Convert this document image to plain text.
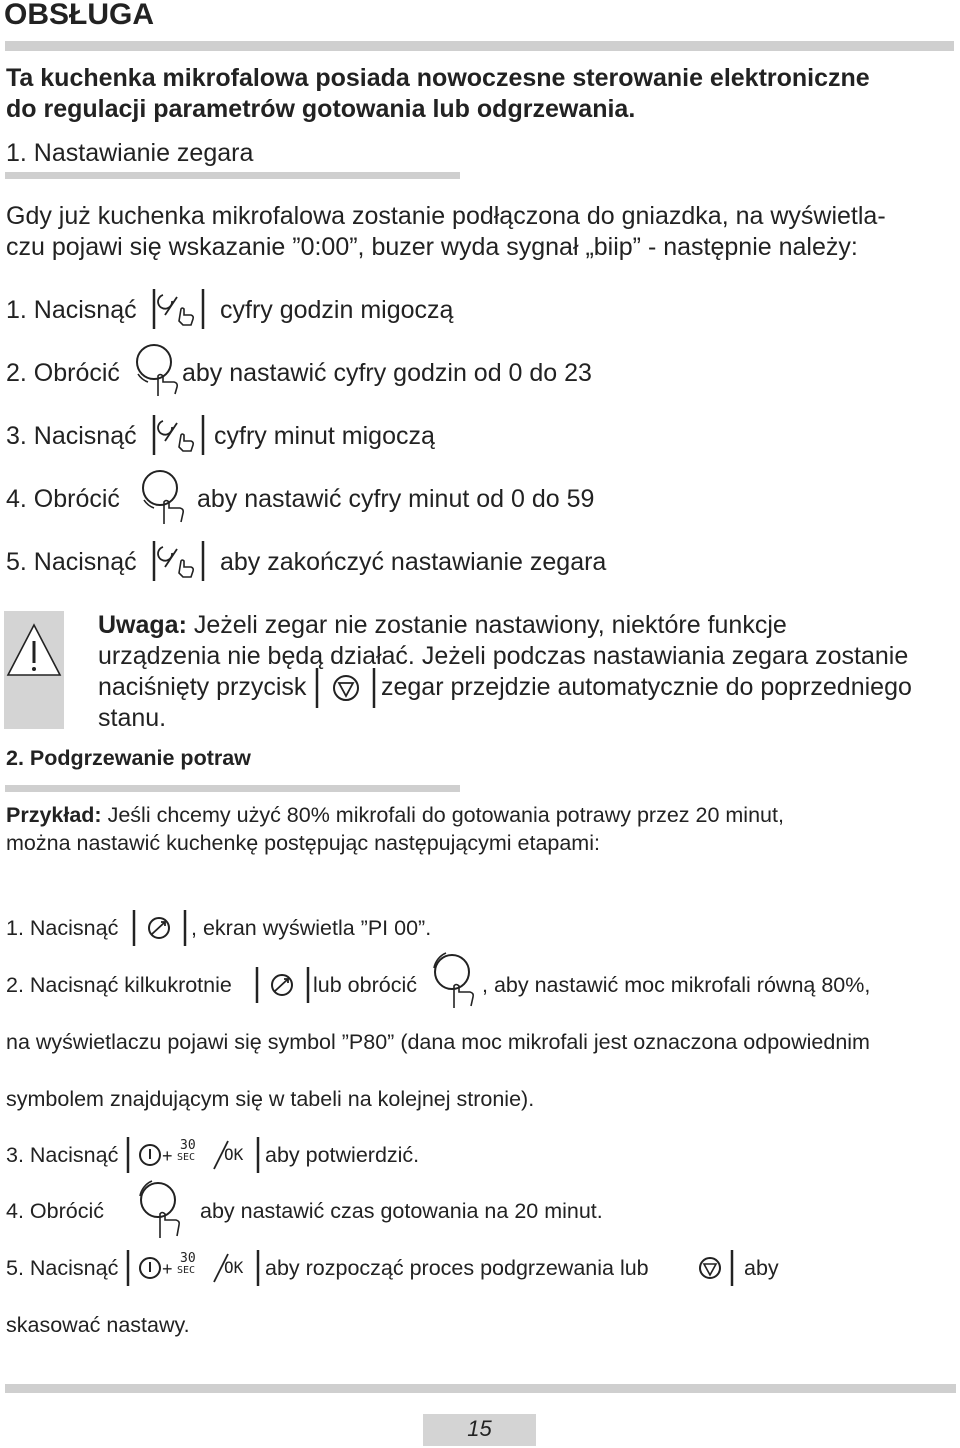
OBSŁUGA
Ta kuchenka mikrofalowa posiada nowoczesne sterowanie elektroniczne
do regulacji parametrów gotowania lub odgrzewania.
1. Nastawianie zegara
Gdy już kuchenka mikrofalowa zostanie podłączona do gniazdka, na wyświetla-
czu pojawi się wskazanie ”0:00”, buzer wyda sygnał „biip” - następnie należy:
1. Nacisnąć	cyfry godzin migoczą
2. Obrócić aby nastawić cyfry godzin od 0 do 23
3. Nacisnąć	cyfry minut migoczą
4. Obrócić	aby nastawić cyfry minut od 0 do 59
5. Nacisnąć	aby zakończyć nastawianie zegara
Uwaga: Jeżeli zegar nie zostanie nastawiony, niektóre funkcje
urządzenia nie będą działać. Jeżeli podczas nastawiania zegara zostanie
naciśnięty przycisk	zegar przejdzie automatycznie do poprzedniego
stanu.
2. Podgrzewanie potraw
Przykład: Jeśli chcemy użyć 80% mikrofali do gotowania potrawy przez 20 minut,
można nastawić kuchenkę postępując następującymi etapami:
1. Nacisnąć	, ekran wyświetla ”PI 00”.
2. Nacisnąć kilkukrotnie	lub obrócić	, aby nastawić moc mikrofali równą 80%,
na wyświetlaczu pojawi się symbol ”P80” (dana moc mikrofali jest oznaczona odpowiednim
symbolem znajdującym się w tabeli na kolejnej stronie).
3. Nacisnąć +
30
SEC OK aby potwierdzić.
4. Obrócić	aby nastawić czas gotowania na 20 minut.
5. Nacisnąć +
30
SEC OK aby rozpocząć proces podgrzewania lub	aby
skasować nastawy.
15
